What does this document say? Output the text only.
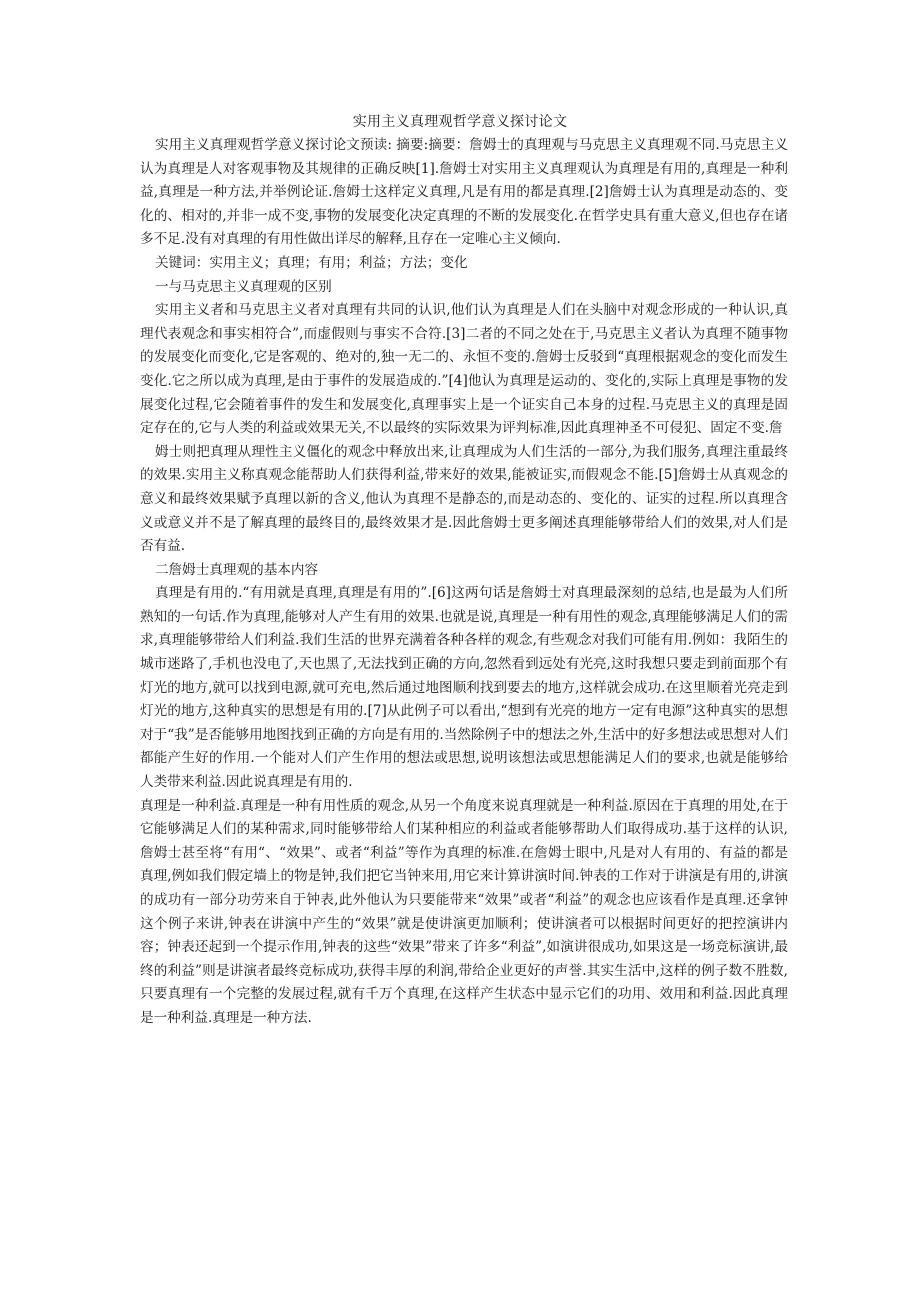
实用主义真理观哲学意义探讨论文

实用主义真理观哲学意义探讨论文预读: 摘要:摘要：詹姆士的真理观与马克思主义真理观不同.马克思主义认为真理是人对客观事物及其规律的正确反映[1].詹姆士对实用主义真理观认为真理是有用的,真理是一种利益,真理是一种方法,并举例论证.詹姆士这样定义真理,凡是有用的都是真理.[2]詹姆士认为真理是动态的、变化的、相对的,并非一成不变,事物的发展变化决定真理的不断的发展变化.在哲学史具有重大意义,但也存在诸多不足.没有对真理的有用性做出详尽的解释,且存在一定唯心主义倾向.

关键词：实用主义；真理；有用；利益；方法；变化

一与马克思主义真理观的区别

实用主义者和马克思主义者对真理有共同的认识,他们认为真理是人们在头脑中对观念形成的一种认识,真理代表观念和事实相符合”,而虚假则与事实不合符.[3]二者的不同之处在于,马克思主义者认为真理不随事物的发展变化而变化,它是客观的、绝对的,独一无二的、永恒不变的.詹姆士反驳到“真理根据观念的变化而发生变化.它之所以成为真理,是由于事件的发展造成的.”[4]他认为真理是运动的、变化的,实际上真理是事物的发展变化过程,它会随着事件的发生和发展变化,真理事实上是一个证实自己本身的过程.马克思主义的真理是固定存在的,它与人类的利益或效果无关,不以最终的实际效果为评判标准,因此真理神圣不可侵犯、固定不变.詹

姆士则把真理从理性主义僵化的观念中释放出来,让真理成为人们生活的一部分,为我们服务,真理注重最终的效果.实用主义称真观念能帮助人们获得利益,带来好的效果,能被证实,而假观念不能.[5]詹姆士从真观念的意义和最终效果赋予真理以新的含义,他认为真理不是静态的,而是动态的、变化的、证实的过程.所以真理含义或意义并不是了解真理的最终目的,最终效果才是.因此詹姆士更多阐述真理能够带给人们的效果,对人们是否有益.

二詹姆士真理观的基本内容

真理是有用的.“有用就是真理,真理是有用的”.[6]这两句话是詹姆士对真理最深刻的总结,也是最为人们所熟知的一句话.作为真理,能够对人产生有用的效果.也就是说,真理是一种有用性的观念,真理能够满足人们的需求,真理能够带给人们利益.我们生活的世界充满着各种各样的观念,有些观念对我们可能有用.例如：我陌生的城市迷路了,手机也没电了,天也黑了,无法找到正确的方向,忽然看到远处有光亮,这时我想只要走到前面那个有灯光的地方,就可以找到电源,就可充电,然后通过地图顺利找到要去的地方,这样就会成功.在这里顺着光亮走到灯光的地方,这种真实的思想是有用的.[7]从此例子可以看出,“想到有光亮的地方一定有电源”这种真实的思想对于“我”是否能够用地图找到正确的方向是有用的.当然除例子中的想法之外,生活中的好多想法或思想对人们都能产生好的作用.一个能对人们产生作用的想法或思想,说明该想法或思想能满足人们的要求,也就是能够给人类带来利益.因此说真理是有用的.

真理是一种利益.真理是一种有用性质的观念,从另一个角度来说真理就是一种利益.原因在于真理的用处,在于它能够满足人们的某种需求,同时能够带给人们某种相应的利益或者能够帮助人们取得成功.基于这样的认识,詹姆士甚至将“有用“、“效果”、或者“利益”等作为真理的标准.在詹姆士眼中,凡是对人有用的、有益的都是真理,例如我们假定墙上的物是钟,我们把它当钟来用,用它来计算讲演时间.钟表的工作对于讲演是有用的,讲演的成功有一部分功劳来自于钟表,此外他认为只要能带来“效果”或者“利益”的观念也应该看作是真理.还拿钟这个例子来讲,钟表在讲演中产生的“效果”就是使讲演更加顺利；使讲演者可以根据时间更好的把控演讲内容；钟表还起到一个提示作用,钟表的这些“效果”带来了许多“利益”,如演讲很成功,如果这是一场竞标演讲,最终的利益”则是讲演者最终竞标成功,获得丰厚的利润,带给企业更好的声誉.其实生活中,这样的例子数不胜数,只要真理有一个完整的发展过程,就有千万个真理,在这样产生状态中显示它们的功用、效用和利益.因此真理是一种利益.真理是一种方法.
